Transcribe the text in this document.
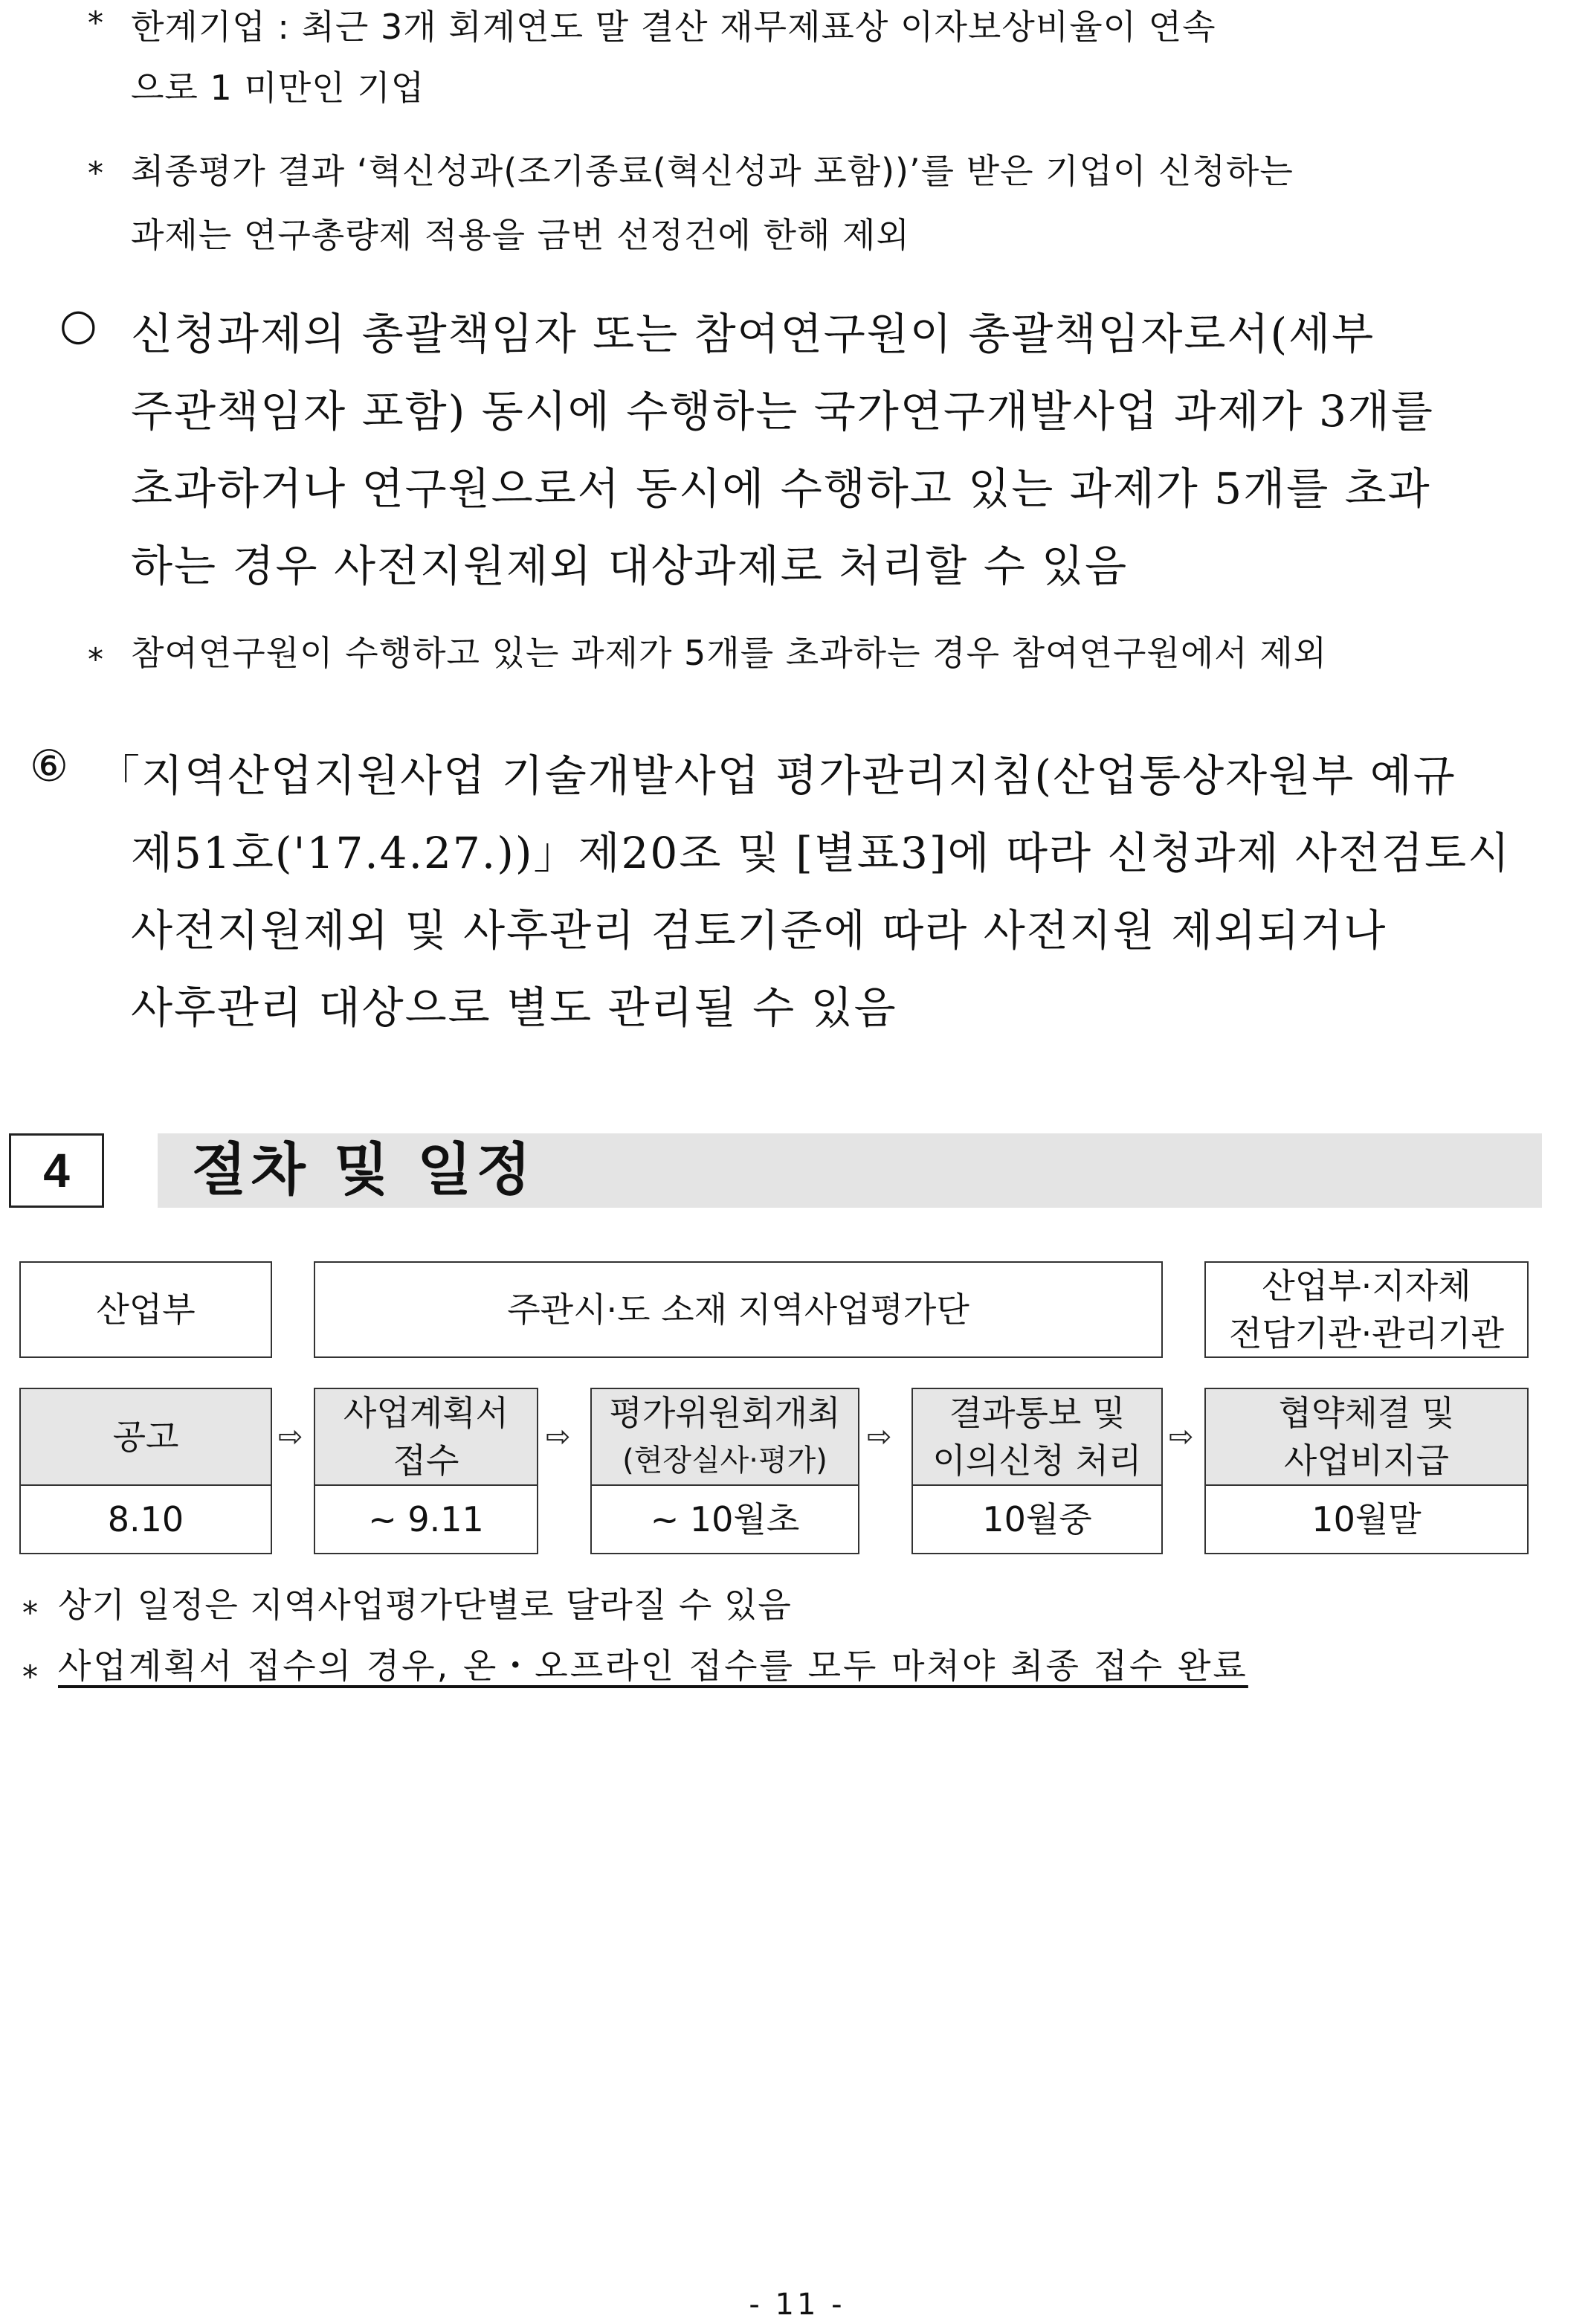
* 한계기업 : 최근 3개 회계연도 말 결산 재무제표상 이자보상비율이 연속
으로 1 미만인 기업
* 최종평가 결과 ‘혁신성과(조기종료(혁신성과 포함))’를 받은 기업이 신청하는
과제는 연구총량제 적용을 금번 선정건에 한해 제외
○ 신청과제의 총괄책임자 또는 참여연구원이 총괄책임자로서(세부
주관책임자 포함) 동시에 수행하는 국가연구개발사업 과제가 3개를
초과하거나 연구원으로서 동시에 수행하고 있는 과제가 5개를 초과
하는 경우 사전지원제외 대상과제로 처리할 수 있음
* 참여연구원이 수행하고 있는 과제가 5개를 초과하는 경우 참여연구원에서 제외
⑥ 「지역산업지원사업 기술개발사업 평가관리지침(산업통상자원부 예규
제51호('17.4.27.))」제20조 및 [별표3]에 따라 신청과제 사전검토시
사전지원제외 및 사후관리 검토기준에 따라 사전지원 제외되거나
사후관리 대상으로 별도 관리될 수 있음
4	절차 및 일정
산업부	주관시·도 소재 지역사업평가단
산업부·지자체
전담기관·관리기관
공고
8.10
⇨
사업계획서
접수
~ 9.11
⇨
평가위원회개최
(현장실사·평가)
~ 10월초
⇨
결과통보 및
이의신청 처리
10월중
⇨
협약체결 및
사업비지급
10월말
* 상기 일정은 지역사업평가단별로 달라질 수 있음
* 사업계획서 접수의 경우, 온・오프라인 접수를 모두 마쳐야 최종 접수 완료
- 11 -
